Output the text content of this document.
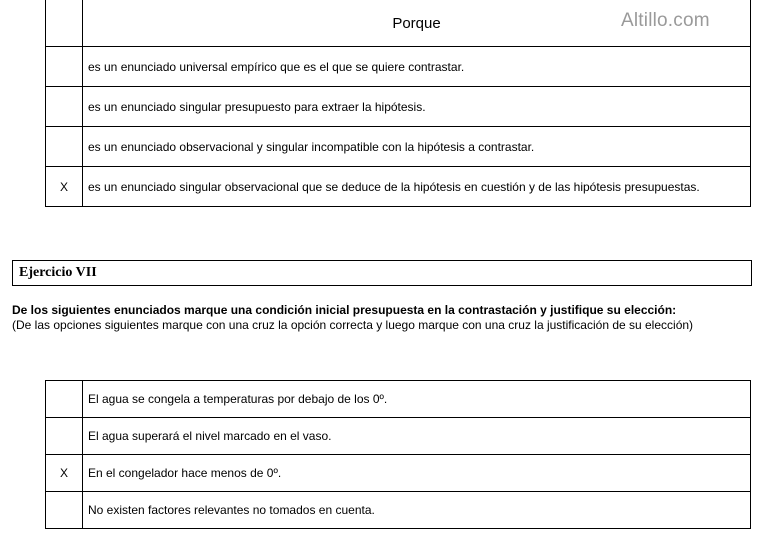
Altillo.com
	Porque
	es un enunciado universal empírico que es el que se quiere contrastar.
	es un enunciado singular presupuesto para extraer la hipótesis.
	es un enunciado observacional y singular incompatible con la hipótesis a contrastar.
X	es un enunciado singular observacional que se deduce de la hipótesis en cuestión y de las hipótesis presupuestas.
Ejercicio VII
De los siguientes enunciados marque una condición inicial presupuesta en la contrastación y justifique su elección:
(De las opciones siguientes marque con una cruz la opción correcta y luego marque con una cruz la justificación de su elección)
	El agua se congela a temperaturas por debajo de los 0º.
	El agua superará el nivel marcado en el vaso.
X	En el congelador hace menos de 0º.
	No existen factores relevantes no tomados en cuenta.
